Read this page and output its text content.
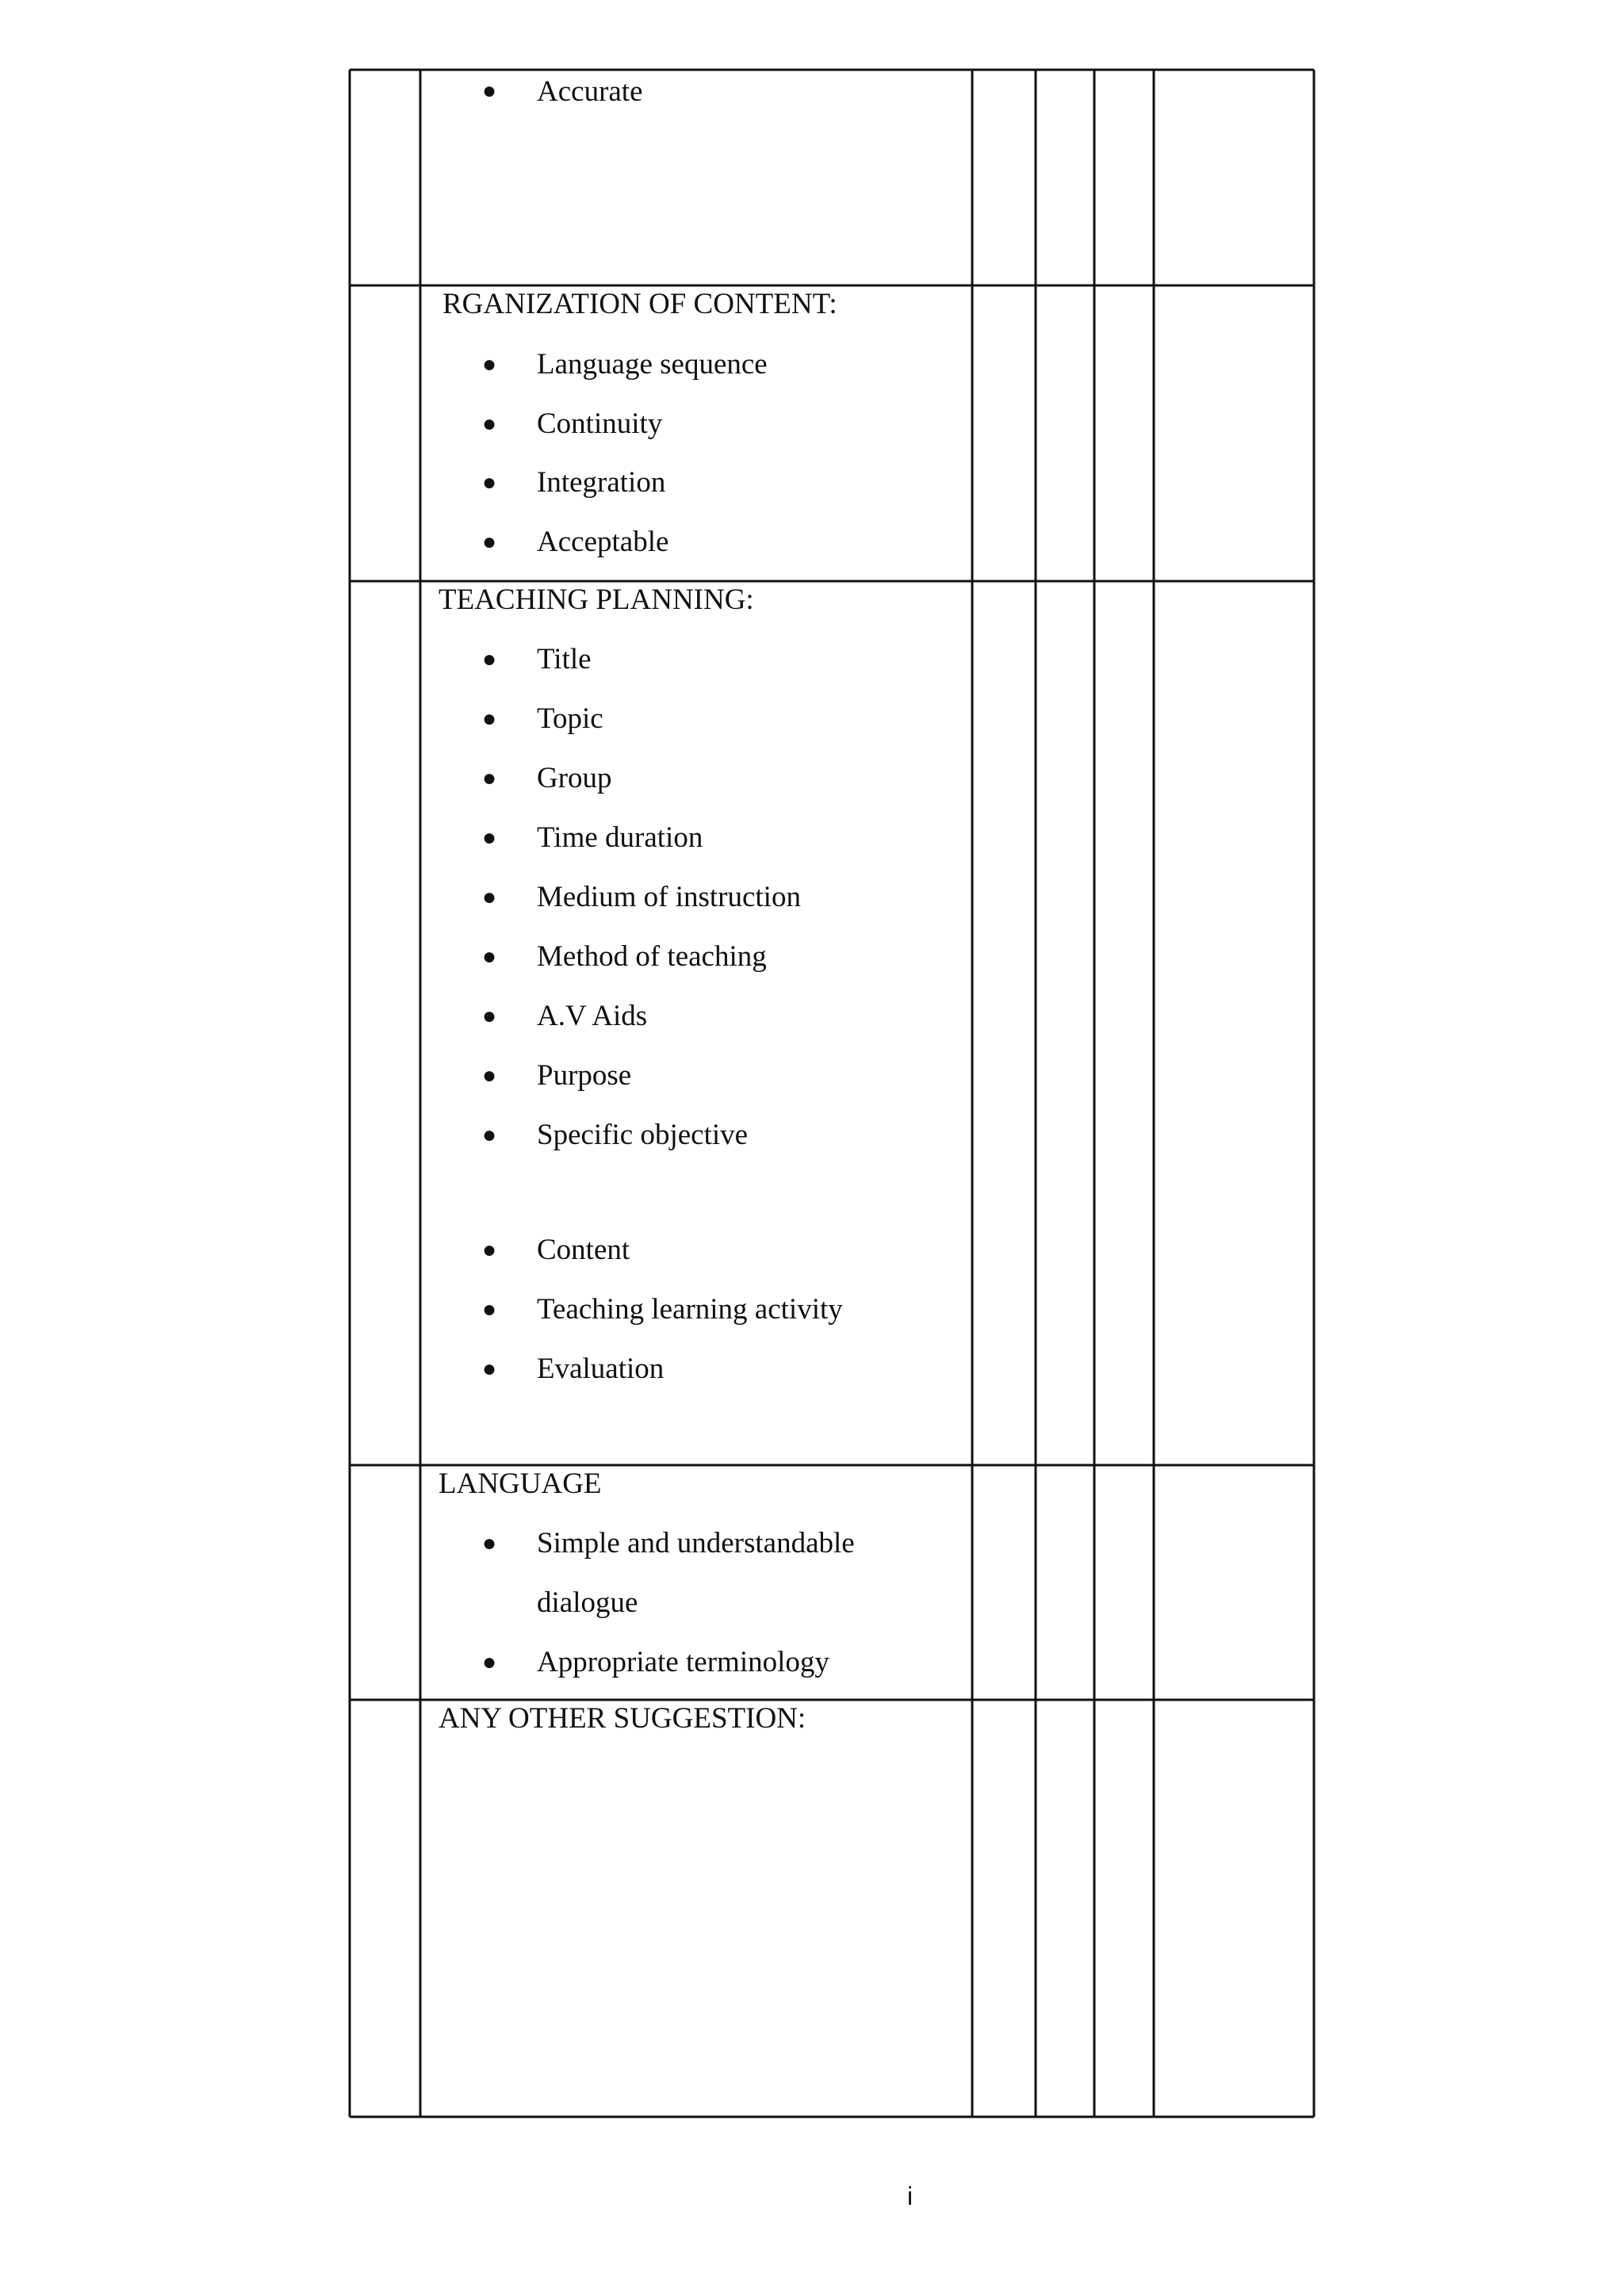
● Accurate
RGANIZATION OF CONTENT:
● Language sequence
● Continuity
● Integration
● Acceptable
TEACHING PLANNING:
● Title
● Topic
● Group
● Time duration
● Medium of instruction
● Method of teaching
● A.V Aids
● Purpose
● Specific objective
● Content
● Teaching learning activity
● Evaluation
LANGUAGE
● Simple and understandable
dialogue
● Appropriate terminology
ANY OTHER SUGGESTION:
i
